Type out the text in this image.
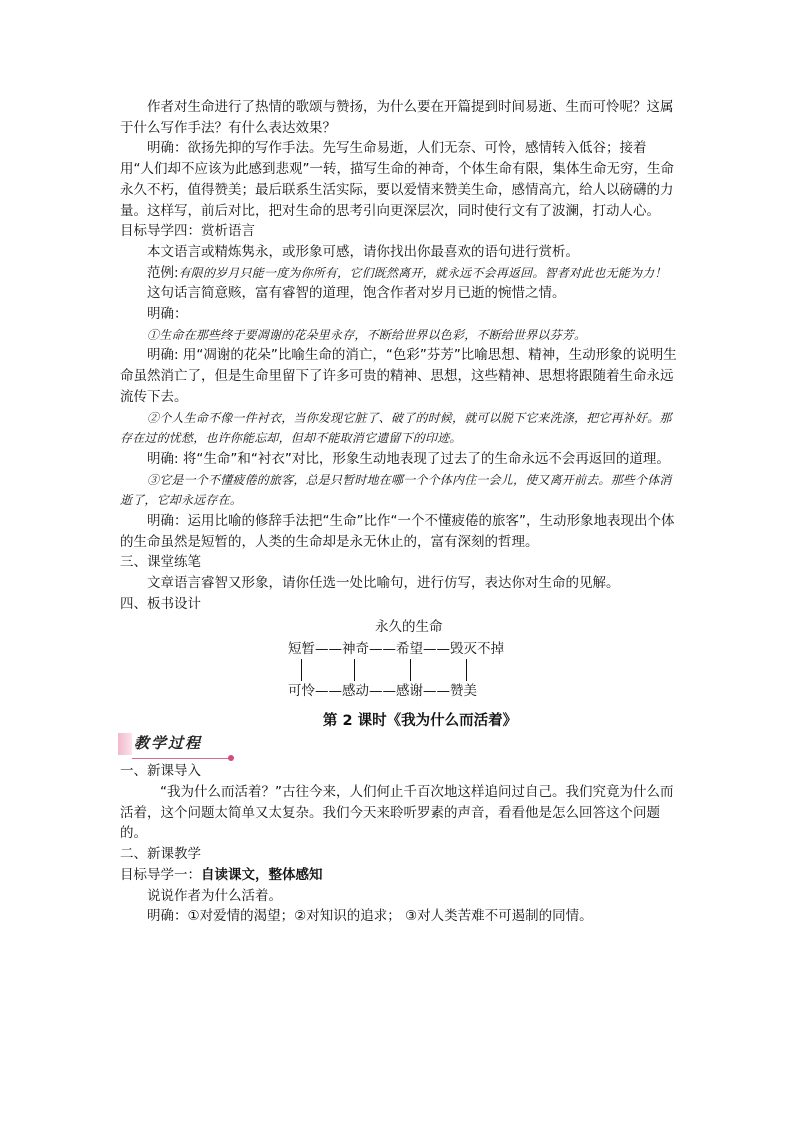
作者对生命进行了热情的歌颂与赞扬，为什么要在开篇提到时间易逝、生而可怜呢？这属于什么写作手法？有什么表达效果？

明确：欲扬先抑的写作手法。先写生命易逝，人们无奈、可怜，感情转入低谷；接着用“人们却不应该为此感到悲观”一转，描写生命的神奇，个体生命有限，集体生命无穷，生命永久不朽，值得赞美；最后联系生活实际，要以爱情来赞美生命，感情高亢，给人以磅礴的力量。这样写，前后对比，把对生命的思考引向更深层次，同时使行文有了波澜，打动人心。

目标导学四：赏析语言

本文语言或精炼隽永，或形象可感，请你找出你最喜欢的语句进行赏析。

范例:有限的岁月只能一度为你所有，它们既然离开，就永远不会再返回。智者对此也无能为力！

这句话言简意赅，富有睿智的道理，饱含作者对岁月已逝的惋惜之情。

明确：

①生命在那些终于要凋谢的花朵里永存，不断给世界以色彩，不断给世界以芬芳。

明确: 用“凋谢的花朵”比喻生命的消亡，“色彩”芬芳”比喻思想、精神，生动形象的说明生命虽然消亡了，但是生命里留下了许多可贵的精神、思想，这些精神、思想将跟随着生命永远流传下去。

②个人生命不像一件衬衣，当你发现它脏了、破了的时候，就可以脱下它来洗涤，把它再补好。那存在过的忧愁，也许你能忘却，但却不能取消它遗留下的印迹。

明确: 将“生命”和“衬衣”对比，形象生动地表现了过去了的生命永远不会再返回的道理。

③它是一个不懂疲倦的旅客，总是只暂时地在哪一个个体内住一会儿，使又离开前去。那些个体消逝了，它却永远存在。

明确：运用比喻的修辞手法把“生命”比作“一个不懂疲倦的旅客”，生动形象地表现出个体的生命虽然是短暂的，人类的生命却是永无休止的，富有深刻的哲理。

三、课堂练笔

文章语言睿智又形象，请你任选一处比喻句，进行仿写，表达你对生命的见解。

四、板书设计

永久的生命
短暂——神奇——希望——毁灭不掉
可怜——感动——感谢——赞美

第 2 课时《我为什么而活着》

教学过程

一、新课导入

“我为什么而活着？”古往今来，人们何止千百次地这样追问过自己。我们究竟为什么而活着，这个问题太简单又太复杂。我们今天来聆听罗素的声音，看看他是怎么回答这个问题的。

二、新课教学

目标导学一：自读课文，整体感知

说说作者为什么活着。

明确：①对爱情的渴望；②对知识的追求； ③对人类苦难不可遏制的同情。
